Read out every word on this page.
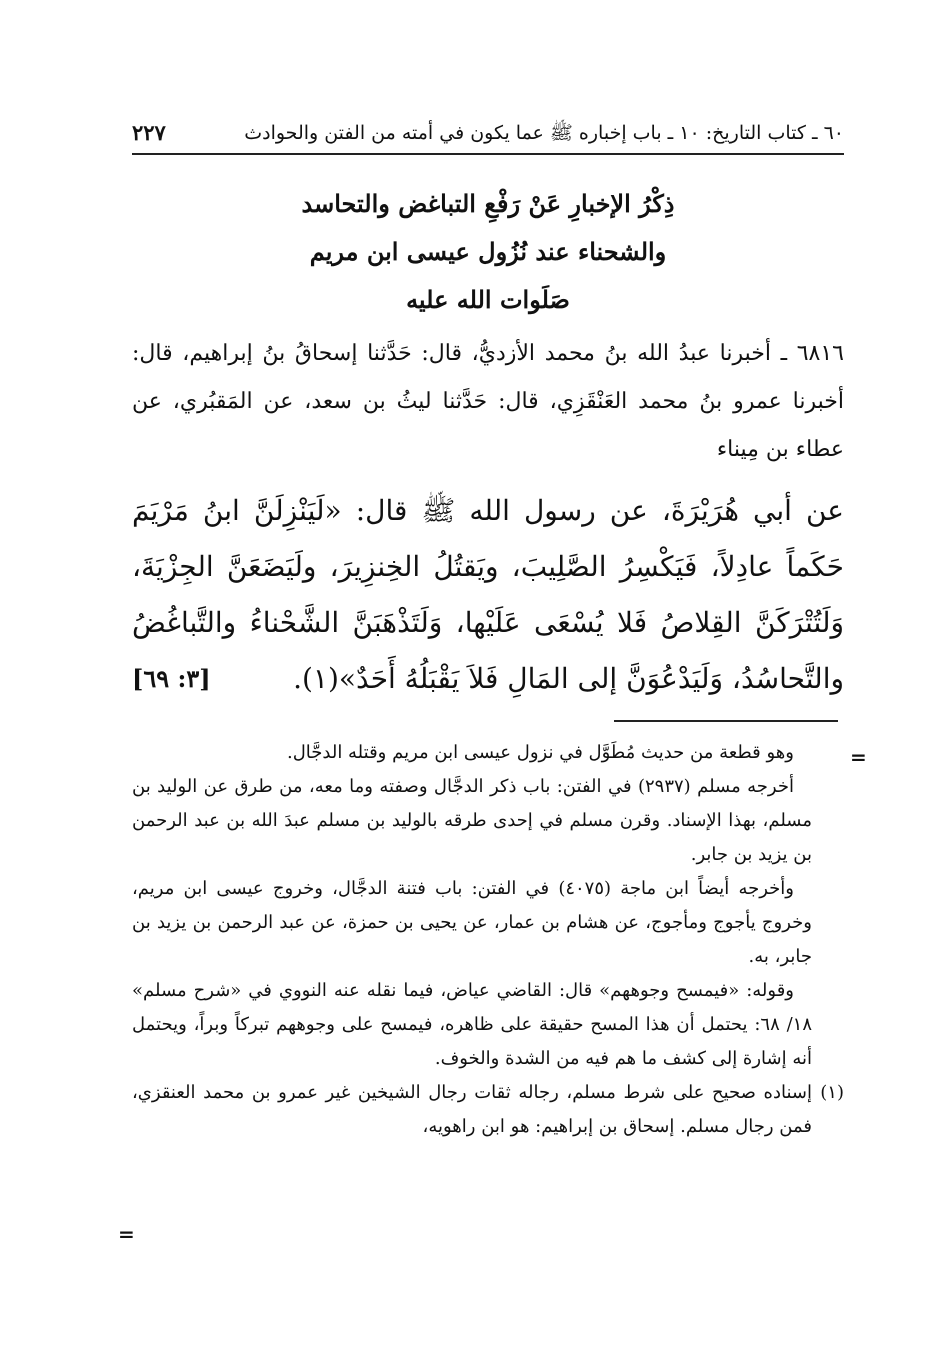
٦٠ ـ كتاب التاريخ: ١٠ ـ باب إخباره ﷺ عما يكون في أمته من الفتن والحوادث
٢٢٧
ذِكْرُ الإخبارِ عَنْ رَفْعِ التباغض والتحاسد
والشحناء عند نُزُول عيسى ابن مريم
صَلَوات الله عليه
٦٨١٦ ـ أخبرنا عبدُ الله بنُ محمد الأزديُّ، قال: حَدَّثنا إسحاقُ بنُ إبراهيم، قال: أخبرنا عمرو بنُ محمد العَنْقَزِي، قال: حَدَّثنا ليثُ بن سعد، عن المَقبُري، عن عطاء بن مِيناء
عن أبي هُرَيْرَةَ، عن رسول الله ﷺ قال: «لَيَنْزِلَنَّ ابنُ مَرْيَمَ حَكَماً عادِلاً، فَيَكْسِرُ الصَّلِيبَ، ويَقتُلُ الخِنزِيرَ، ولَيَضَعَنَّ الجِزْيَةَ، وَلَتُتْرَكَنَّ القِلاصُ فَلا يُسْعَى عَلَيْها، وَلَتَذْهَبَنَّ الشَّحْناءُ والتَّباغُضُ والتَّحاسُدُ، وَلَيَدْعُوَنَّ إلى المَالِ فَلاَ يَقْبَلُهُ أَحَدٌ»(١).
[٣: ٦٩]
=

وهو قطعة من حديث مُطَوَّل في نزول عيسى ابن مريم وقتله الدجَّال.

أخرجه مسلم (٢٩٣٧) في الفتن: باب ذكر الدجَّال وصفته وما معه، من طرق عن الوليد بن مسلم، بهذا الإسناد. وقرن مسلم في إحدى طرقه بالوليد بن مسلم عبدَ الله بن عبد الرحمن بن يزيد بن جابر.

وأخرجه أيضاً ابن ماجة (٤٠٧٥) في الفتن: باب فتنة الدجَّال، وخروج عيسى ابن مريم، وخروج يأجوج ومأجوج، عن هشام بن عمار، عن يحيى بن حمزة، عن عبد الرحمن بن يزيد بن جابر، به.

وقوله: «فيمسح وجوههم» قال: القاضي عياض، فيما نقله عنه النووي في «شرح مسلم» ١٨/ ٦٨: يحتمل أن هذا المسح حقيقة على ظاهره، فيمسح على وجوههم تبركاً وبراً، ويحتمل أنه إشارة إلى كشف ما هم فيه من الشدة والخوف.

(١)
إسناده صحيح على شرط مسلم، رجاله ثقات رجال الشيخين غير عمرو بن محمد العنقزي، فمن رجال مسلم. إسحاق بن إبراهيم: هو ابن راهويه،

=
